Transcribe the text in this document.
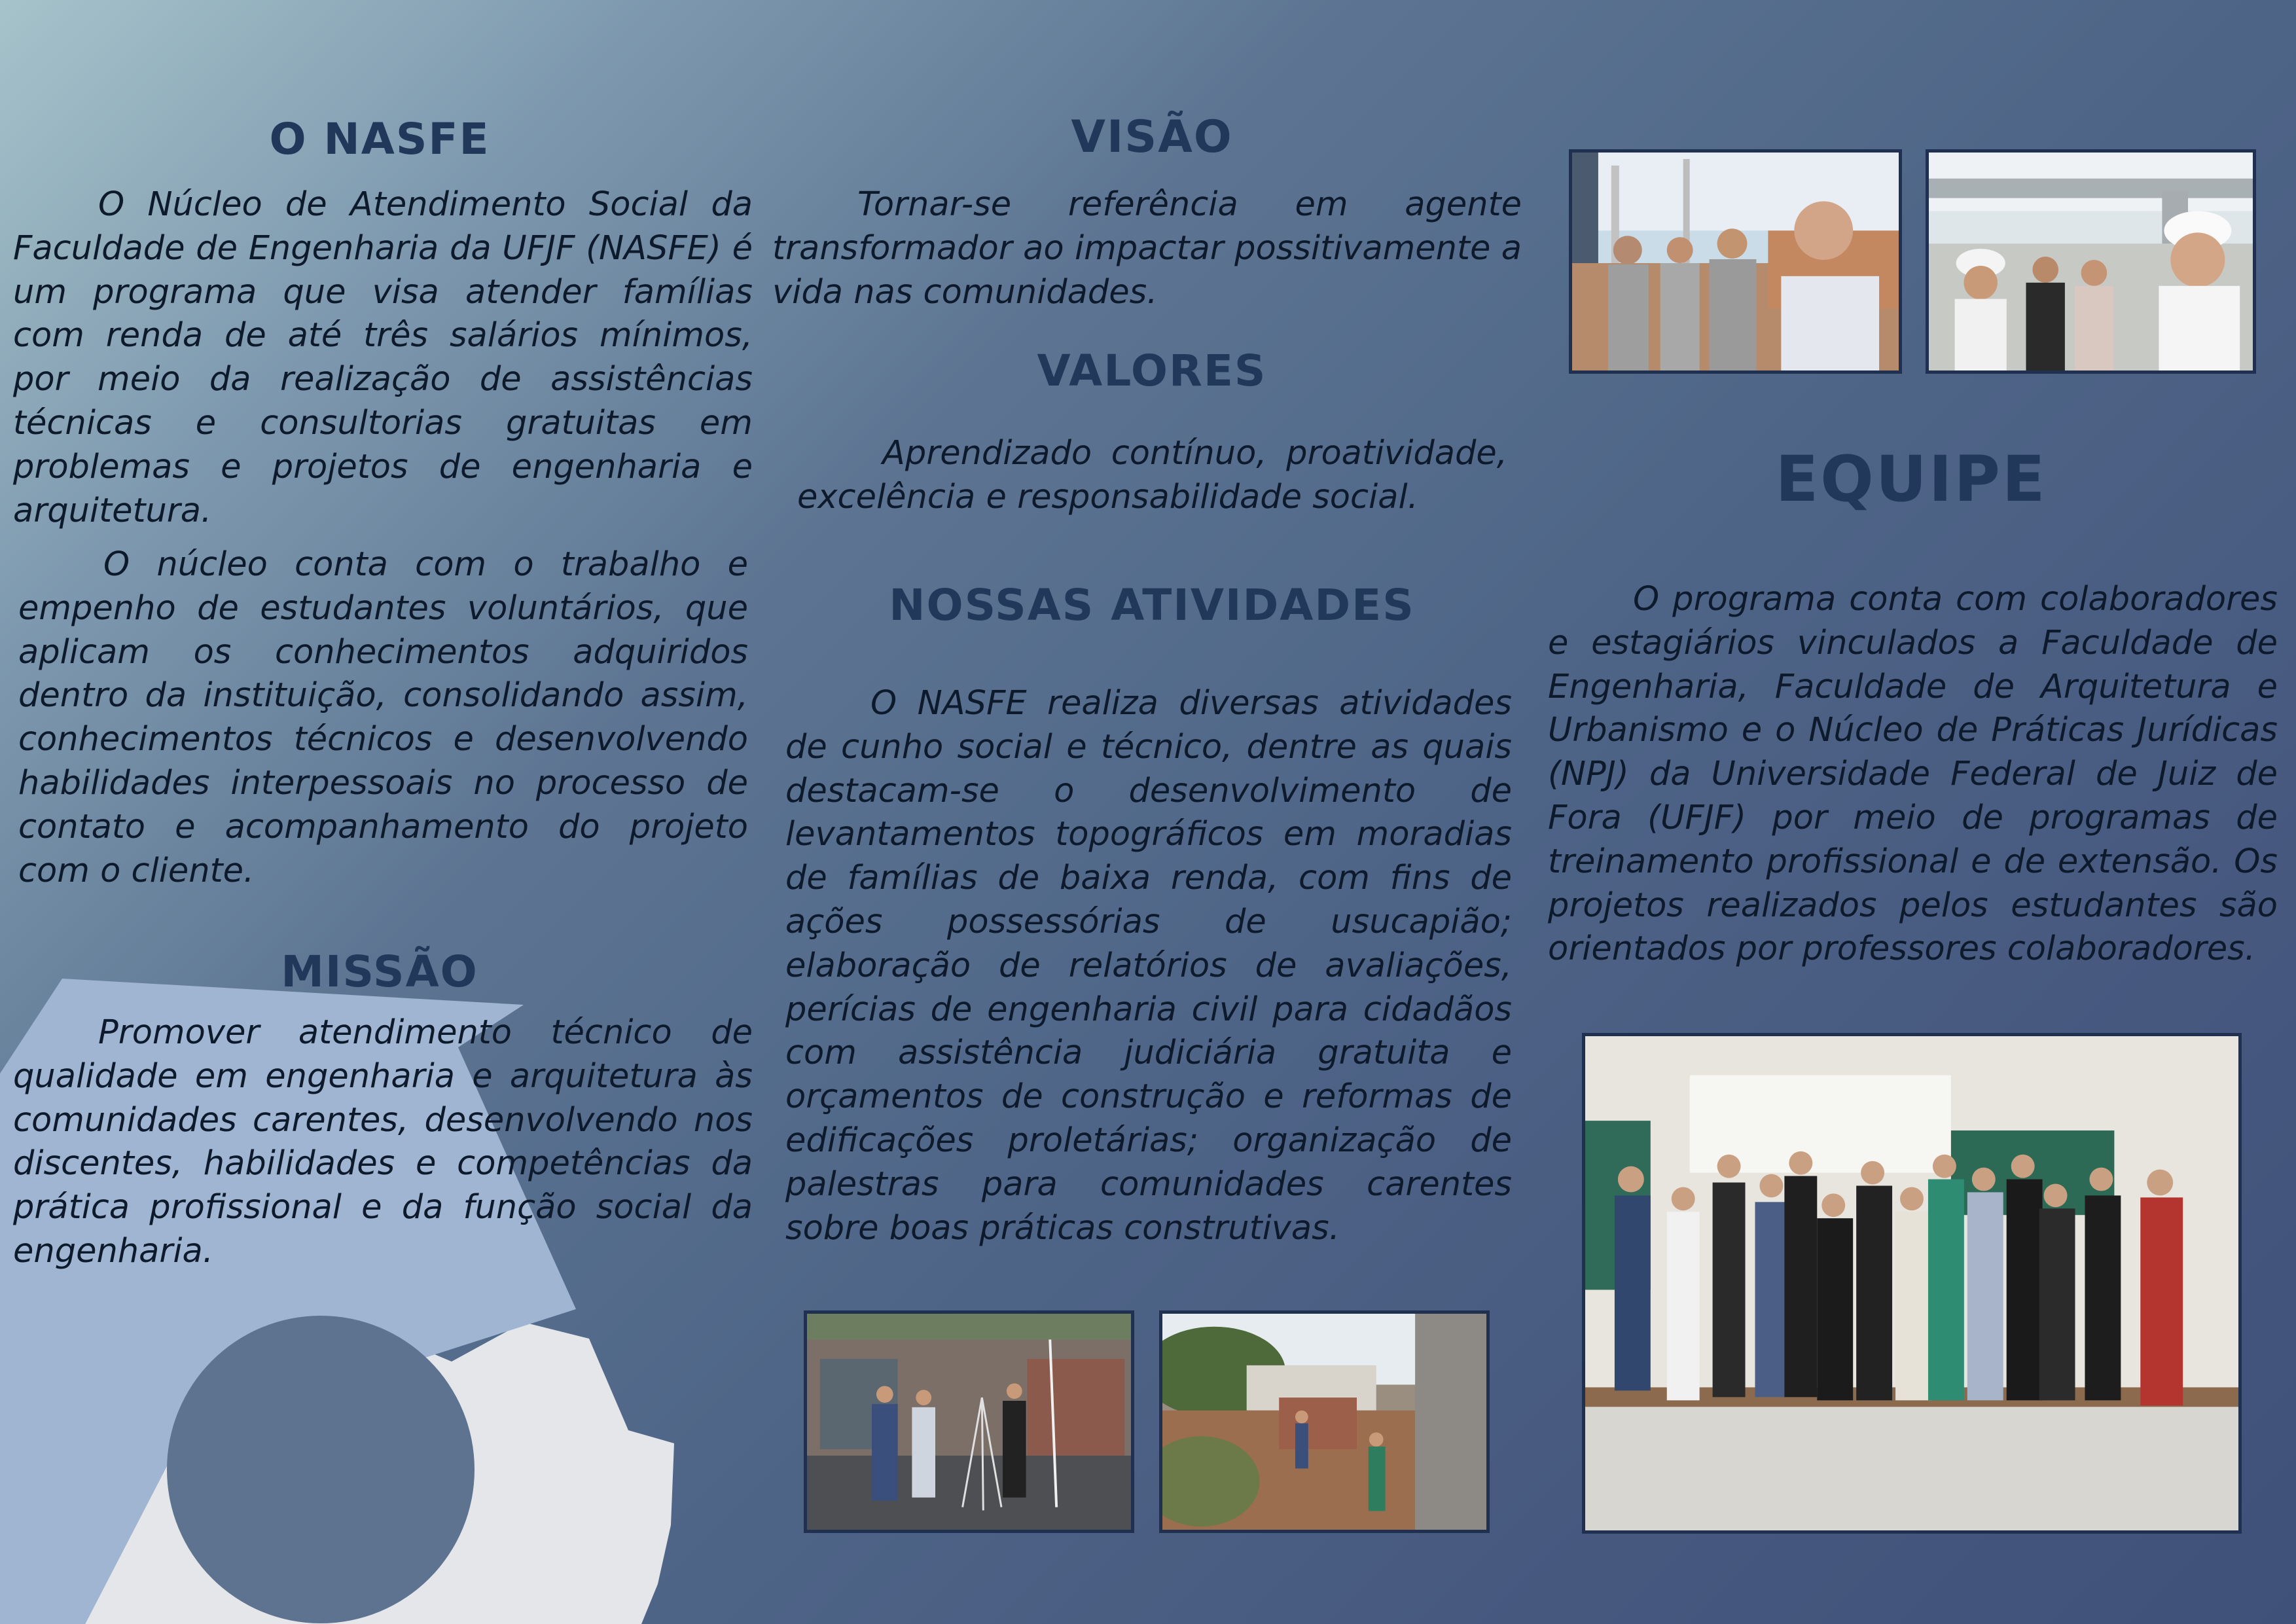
O NASFE

O Núcleo de Atendimento Social da Faculdade de Engenharia da UFJF (NASFE) é um programa que visa atender famílias com renda de até três salários mínimos, por meio da realização de assistências técnicas e consultorias gratuitas em problemas e projetos de engenharia e arquitetura.

O núcleo conta com o trabalho e empenho de estudantes voluntários, que aplicam os conhecimentos adquiridos dentro da instituição, consolidando assim, conhecimentos técnicos e desenvolvendo habilidades interpessoais no processo de contato e acompanhamento do projeto com o cliente.

MISSÃO

Promover atendimento técnico de qualidade em engenharia e arquitetura às comunidades carentes, desenvolvendo nos discentes, habilidades e competências da prática profissional e da função social da engenharia.

VISÃO

Tornar-se referência em agente transformador ao impactar possitivamente a vida nas comunidades.

VALORES

Aprendizado contínuo, proatividade, excelência e responsabilidade social.

NOSSAS ATIVIDADES

O NASFE realiza diversas atividades de cunho social e técnico, dentre as quais destacam-se o desenvolvimento de levantamentos topográficos em moradias de famílias de baixa renda, com fins de ações possessórias de usucapião; elaboração de relatórios de avaliações, perícias de engenharia civil para cidadãos com assistência judiciária gratuita e orçamentos de construção e reformas de edificações proletárias; organização de palestras para comunidades carentes sobre boas práticas construtivas.

EQUIPE

O programa conta com colaboradores e estagiários vinculados a Faculdade de Engenharia, Faculdade de Arquitetura e Urbanismo e o Núcleo de Práticas Jurídicas (NPJ) da Universidade Federal de Juiz de Fora (UFJF) por meio de programas de treinamento profissional e de extensão. Os projetos realizados pelos estudantes são orientados por professores colaboradores.
